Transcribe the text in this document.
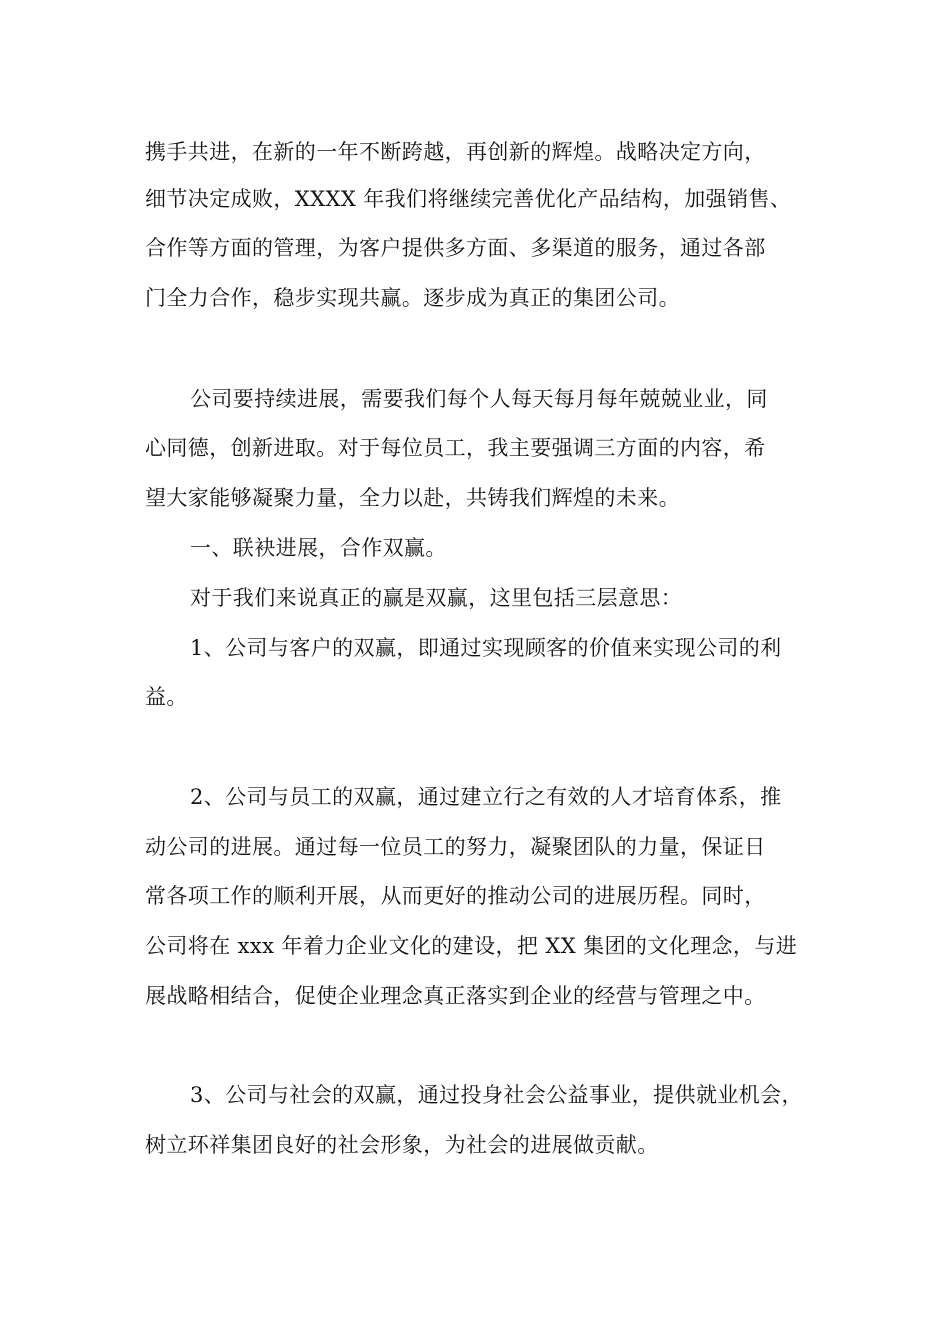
携手共进，在新的一年不断跨越，再创新的辉煌。战略决定方向，
细节决定成败，XXXX 年我们将继续完善优化产品结构，加强销售、
合作等方面的管理，为客户提供多方面、多渠道的服务，通过各部
门全力合作，稳步实现共赢。逐步成为真正的集团公司。
公司要持续进展，需要我们每个人每天每月每年兢兢业业，同
心同德，创新进取。对于每位员工，我主要强调三方面的内容，希
望大家能够凝聚力量，全力以赴，共铸我们辉煌的未来。
一、联袂进展，合作双赢。
对于我们来说真正的赢是双赢，这里包括三层意思：
1、公司与客户的双赢，即通过实现顾客的价值来实现公司的利
益。
2、公司与员工的双赢，通过建立行之有效的人才培育体系，推
动公司的进展。通过每一位员工的努力，凝聚团队的力量，保证日
常各项工作的顺利开展，从而更好的推动公司的进展历程。同时，
公司将在 xxx 年着力企业文化的建设，把 XX 集团的文化理念，与进
展战略相结合，促使企业理念真正落实到企业的经营与管理之中。
3、公司与社会的双赢，通过投身社会公益事业，提供就业机会，
树立环祥集团良好的社会形象，为社会的进展做贡献。
